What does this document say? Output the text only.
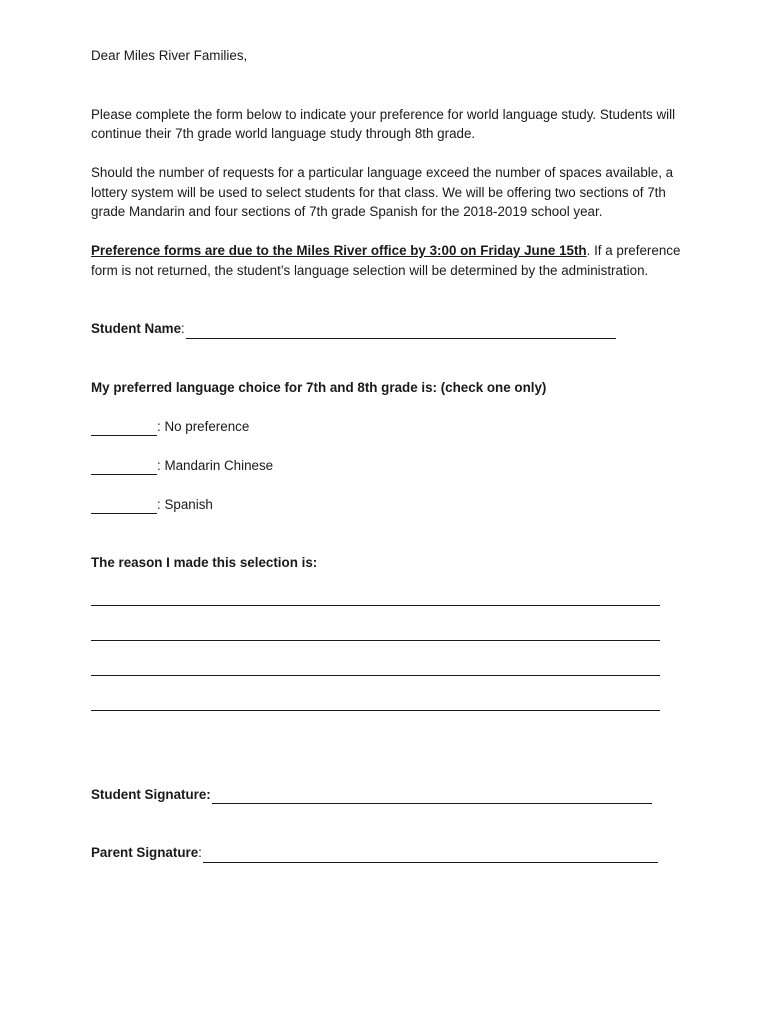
Dear Miles River Families,

Please complete the form below to indicate your preference for world language study. Students will continue their 7th grade world language study through 8th grade.

Should the number of requests for a particular language exceed the number of spaces available, a lottery system will be used to select students for that class. We will be offering two sections of 7th grade Mandarin and four sections of 7th grade Spanish for the 2018-2019 school year.

Preference forms are due to the Miles River office by 3:00 on Friday June 15th. If a preference form is not returned, the student’s language selection will be determined by the administration.

Student Name :

My preferred language choice for 7th and 8th grade is: (check one only)

: No preference
: Mandarin Chinese
: Spanish

The reason I made this selection is:

Student Signature:
Parent Signature :
